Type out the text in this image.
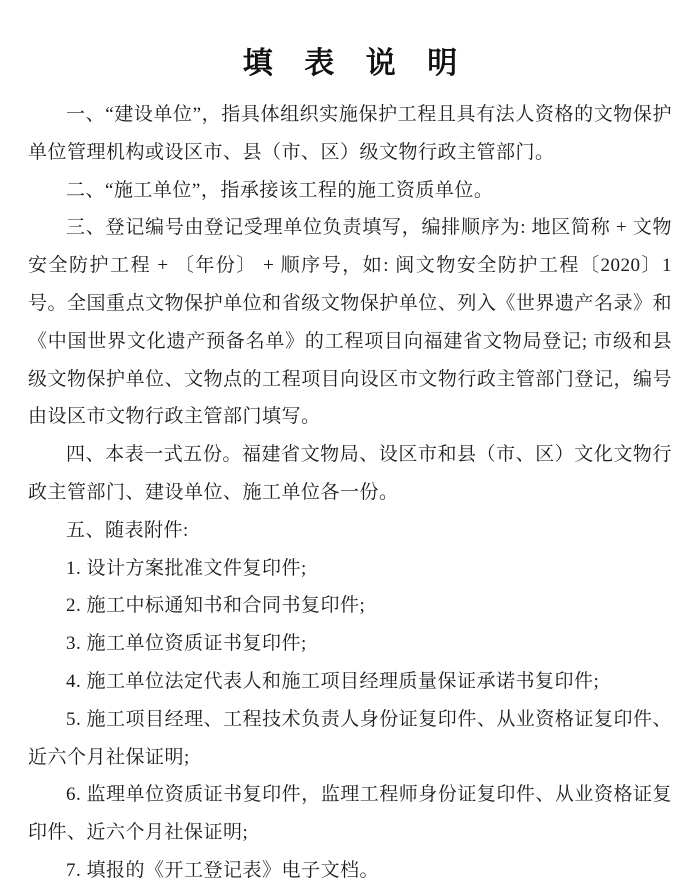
填 表 说 明

一、“建设单位”，指具体组织实施保护工程且具有法人资格的文物保护单位管理机构或设区市、县（市、区）级文物行政主管部门。

二、“施工单位”，指承接该工程的施工资质单位。

三、登记编号由登记受理单位负责填写，编排顺序为: 地区简称 + 文物安全防护工程 + 〔年份〕 + 顺序号，如: 闽文物安全防护工程〔2020〕1 号。全国重点文物保护单位和省级文物保护单位、列入《世界遗产名录》和《中国世界文化遗产预备名单》的工程项目向福建省文物局登记; 市级和县级文物保护单位、文物点的工程项目向设区市文物行政主管部门登记，编号由设区市文物行政主管部门填写。

四、本表一式五份。福建省文物局、设区市和县（市、区）文化文物行政主管部门、建设单位、施工单位各一份。

五、随表附件:

1. 设计方案批准文件复印件;

2. 施工中标通知书和合同书复印件;

3. 施工单位资质证书复印件;

4. 施工单位法定代表人和施工项目经理质量保证承诺书复印件;

5. 施工项目经理、工程技术负责人身份证复印件、从业资格证复印件、近六个月社保证明;

6. 监理单位资质证书复印件，监理工程师身份证复印件、从业资格证复印件、近六个月社保证明;

7. 填报的《开工登记表》电子文档。
